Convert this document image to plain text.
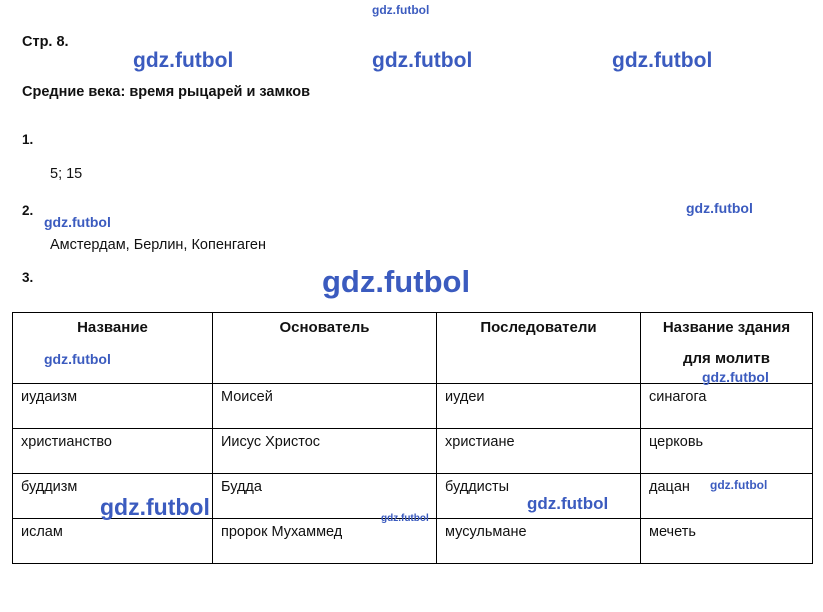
Стр. 8.
Средние века: время рыцарей и замков
1.
5; 15
2.
Амстердам, Берлин, Копенгаген
3.
Название	Основатель	Последователи	Название здания
для молитв

иудаизм	Моисей	иудеи	синагога
христианство	Иисус Христос	христиане	церковь
буддизм	Будда	буддисты	дацан
ислам	пророк Мухаммед	мусульмане	мечеть
gdz.futbol
gdz.futbol	gdz.futbol	gdz.futbol
gdz.futbol
gdz.futbol
gdz.futbol
gdz.futbol
gdz.futbol
gdz.futbol
gdz.futbol	gdz.futbol
gdz.futbol
